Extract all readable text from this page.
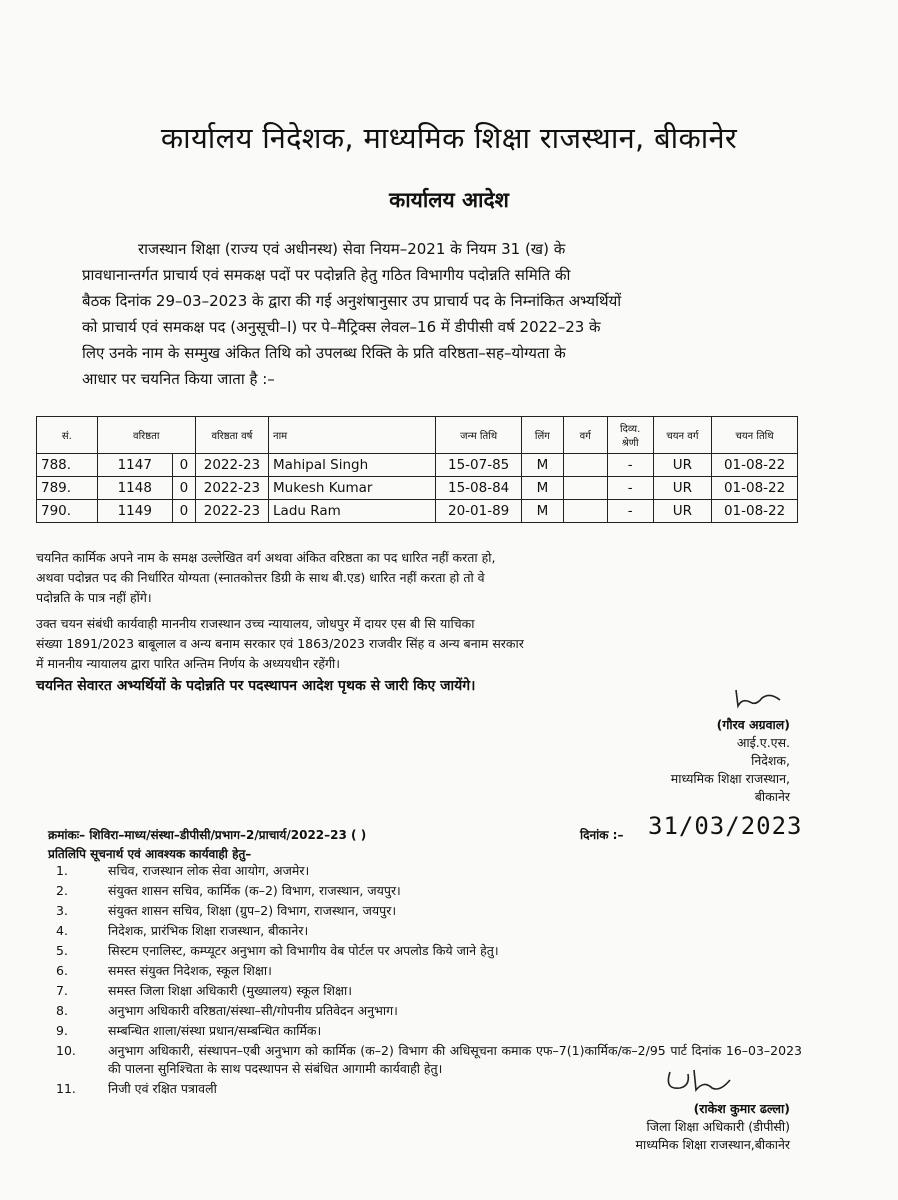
कार्यालय निदेशक, माध्यमिक शिक्षा राजस्थान, बीकानेर
कार्यालय आदेश

राजस्थान शिक्षा (राज्य एवं अधीनस्थ) सेवा नियम–2021 के नियम 31 (ख) के

प्रावधानान्तर्गत प्राचार्य एवं समकक्ष पदों पर पदोन्नति हेतु गठित विभागीय पदोन्नति समिति की

बैठक दिनांक 29–03–2023 के द्वारा की गई अनुशंषानुसार उप प्राचार्य पद के निम्नांकित अभ्यर्थियों

को प्राचार्य एवं समकक्ष पद (अनुसूची–I) पर पे–मैट्रिक्स लेवल–16 में डीपीसी वर्ष 2022–23 के

लिए उनके नाम के सम्मुख अंकित तिथि को उपलब्ध रिक्ति के प्रति वरिष्ठता–सह–योग्यता के

आधार पर चयनित किया जाता है :–

सं.	वरिष्ठता		वरिष्ठता वर्ष	नाम	जन्म तिथि	लिंग	वर्ग	दिव्य. श्रेणी	चयन वर्ग	चयन तिथि
788.	1147	0	2022-23	Mahipal Singh	15-07-85	M		-	UR	01-08-22
789.	1148	0	2022-23	Mukesh Kumar	15-08-84	M		-	UR	01-08-22
790.	1149	0	2022-23	Ladu Ram	20-01-89	M		-	UR	01-08-22

चयनित कार्मिक अपने नाम के समक्ष उल्लेखित वर्ग अथवा अंकित वरिष्ठता का पद धारित नहीं करता हो,

अथवा पदोन्नत पद की निर्धारित योग्यता (स्नातकोत्तर डिग्री के साथ बी.एड) धारित नहीं करता हो तो वे

पदोन्नति के पात्र नहीं होंगे।

उक्त चयन संबंधी कार्यवाही माननीय राजस्थान उच्च न्यायालय, जोधपुर में दायर एस बी सि याचिका

संख्या 1891/2023 बाबूलाल व अन्य बनाम सरकार एवं 1863/2023 राजवीर सिंह व अन्य बनाम सरकार

में माननीय न्यायालय द्वारा पारित अन्तिम निर्णय के अध्ययधीन रहेंगी।

चयनित सेवारत अभ्यर्थियों के पदोन्नति पर पदस्थापन आदेश पृथक से जारी किए जायेंगे।
(गौरव अग्रवाल)
आई.ए.एस.
निदेशक,
माध्यमिक शिक्षा राजस्थान,
बीकानेर
क्रमांकः– शिविरा–माध्य/संस्था–डीपीसी/प्रभाग–2/प्राचार्य/2022–23 ( )	दिनांक :– 31/03/2023
प्रतिलिपि सूचनार्थ एवं आवश्यक कार्यवाही हेतु–
1.	सचिव, राजस्थान लोक सेवा आयोग, अजमेर।
2.	संयुक्त शासन सचिव, कार्मिक (क–2) विभाग, राजस्थान, जयपुर।
3.	संयुक्त शासन सचिव, शिक्षा (ग्रुप–2) विभाग, राजस्थान, जयपुर।
4.	निदेशक, प्रारंभिक शिक्षा राजस्थान, बीकानेर।
5.	सिस्टम एनालिस्ट, कम्प्यूटर अनुभाग को विभागीय वेब पोर्टल पर अपलोड किये जाने हेतु।
6.	समस्त संयुक्त निदेशक, स्कूल शिक्षा।
7.	समस्त जिला शिक्षा अधिकारी (मुख्यालय) स्कूल शिक्षा।
8.	अनुभाग अधिकारी वरिष्ठता/संस्था–सी/गोपनीय प्रतिवेदन अनुभाग।
9.	सम्बन्धित शाला/संस्था प्रधान/सम्बन्धित कार्मिक।
10.	अनुभाग अधिकारी, संस्थापन–एबी अनुभाग को कार्मिक (क–2) विभाग की अधिसूचना कमाक एफ–7(1)कार्मिक/क–2/95 पार्ट दिनांक 16–03–2023 की पालना सुनिश्चिता के साथ पदस्थापन से संबंधित आगामी कार्यवाही हेतु।
11.	निजी एवं रक्षित पत्रावली
(राकेश कुमार ढल्ला)
जिला शिक्षा अधिकारी (डीपीसी)
माध्यमिक शिक्षा राजस्थान,बीकानेर
